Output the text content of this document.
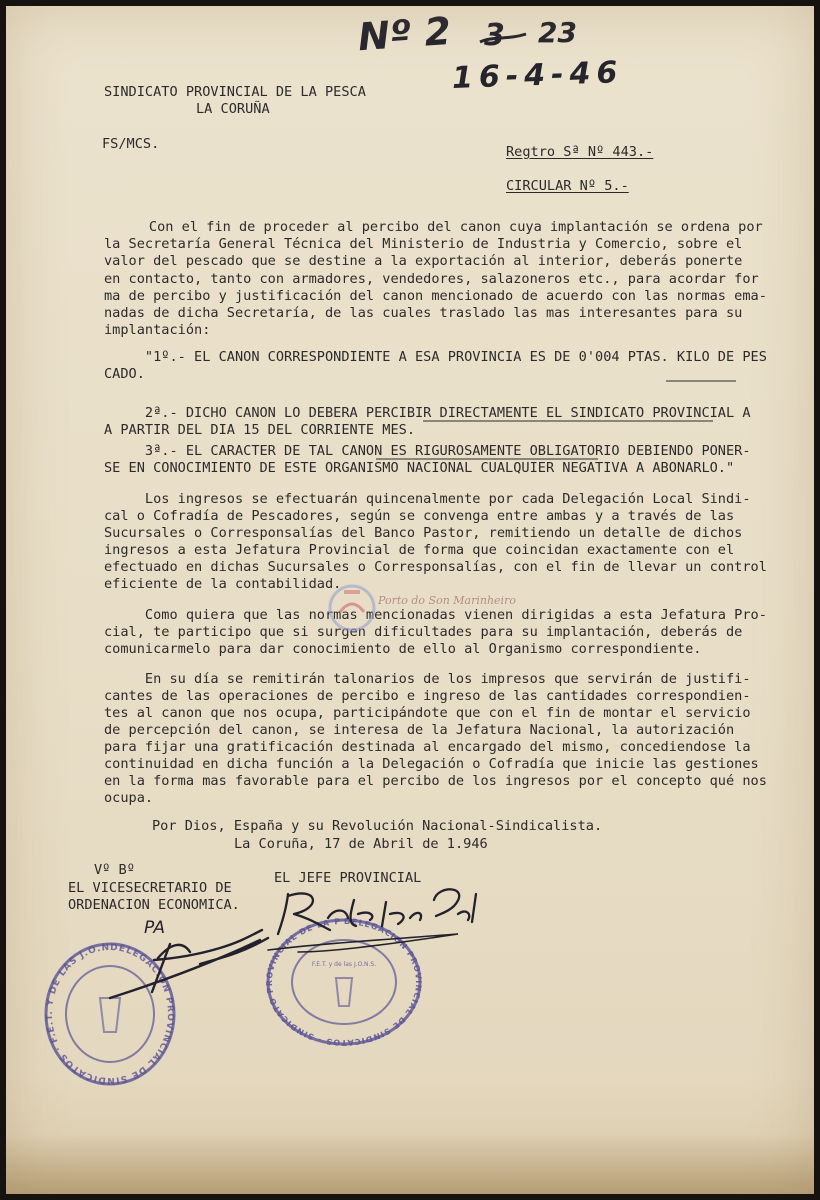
Nº 2 3 23
16-4-46
SINDICATO PROVINCIAL DE LA PESCA
LA CORUÑA
FS/MCS.	Regtro Sª Nº 443.-
CIRCULAR Nº 5.-
Con el fin de proceder al percibo del canon cuya implantación se ordena por
la Secretaría General Técnica del Ministerio de Industria y Comercio, sobre el
valor del pescado que se destine a la exportación al interior, deberás ponerte
en contacto, tanto con armadores, vendedores, salazoneros etc., para acordar for
ma de percibo y justificación del canon mencionado de acuerdo con las normas ema-
nadas de dicha Secretaría, de las cuales traslado las mas interesantes para su
implantación:
"1º.- EL CANON CORRESPONDIENTE A ESA PROVINCIA ES DE 0'004 PTAS. KILO DE PES
CADO.
2ª.- DICHO CANON LO DEBERA PERCIBIR DIRECTAMENTE EL SINDICATO PROVINCIAL A
A PARTIR DEL DIA 15 DEL CORRIENTE MES.
3ª.- EL CARACTER DE TAL CANON ES RIGUROSAMENTE OBLIGATORIO DEBIENDO PONER-
SE EN CONOCIMIENTO DE ESTE ORGANISMO NACIONAL CUALQUIER NEGATIVA A ABONARLO."
Los ingresos se efectuarán quincenalmente por cada Delegación Local Sindi-
cal o Cofradía de Pescadores, según se convenga entre ambas y a través de las
Sucursales o Corresponsalías del Banco Pastor, remitiendo un detalle de dichos
ingresos a esta Jefatura Provincial de forma que coincidan exactamente con el
efectuado en dichas Sucursales o Corresponsalías, con el fin de llevar un control
eficiente de la contabilidad.
Como quiera que las normas mencionadas vienen dirigidas a esta Jefatura Pro-
cial, te participo que si surgen dificultades para su implantación, deberás de
comunicarmelo para dar conocimiento de ello al Organismo correspondiente.
En su día se remitirán talonarios de los impresos que servirán de justifi-
cantes de las operaciones de percibo e ingreso de las cantidades correspondien-
tes al canon que nos ocupa, participándote que con el fin de montar el servicio
de percepción del canon, se interesa de la Jefatura Nacional, la autorización
para fijar una gratificación destinada al encargado del mismo, concediendose la
continuidad en dicha función a la Delegación o Cofradía que inicie las gestiones
en la forma mas favorable para el percibo de los ingresos por el concepto qué nos
ocupa.
Por Dios, España y su Revolución Nacional-Sindicalista.
La Coruña, 17 de Abril de 1.946
Vº Bº
EL VICESECRETARIO DE
ORDENACION ECONOMICA.
EL JEFE PROVINCIAL
Porto do Son Marinheiro
DELEGACION PROVINCIAL DE SINDICATOS · F.E.T. Y DE LAS J.O.N.S. · LA CORUÑA
DELEGACION PROVINCIAL DE SINDICATOS · SINDICATO PROVINCIAL DE LA PESCA
F.E.T. y de las J.O.N.S.
PA
